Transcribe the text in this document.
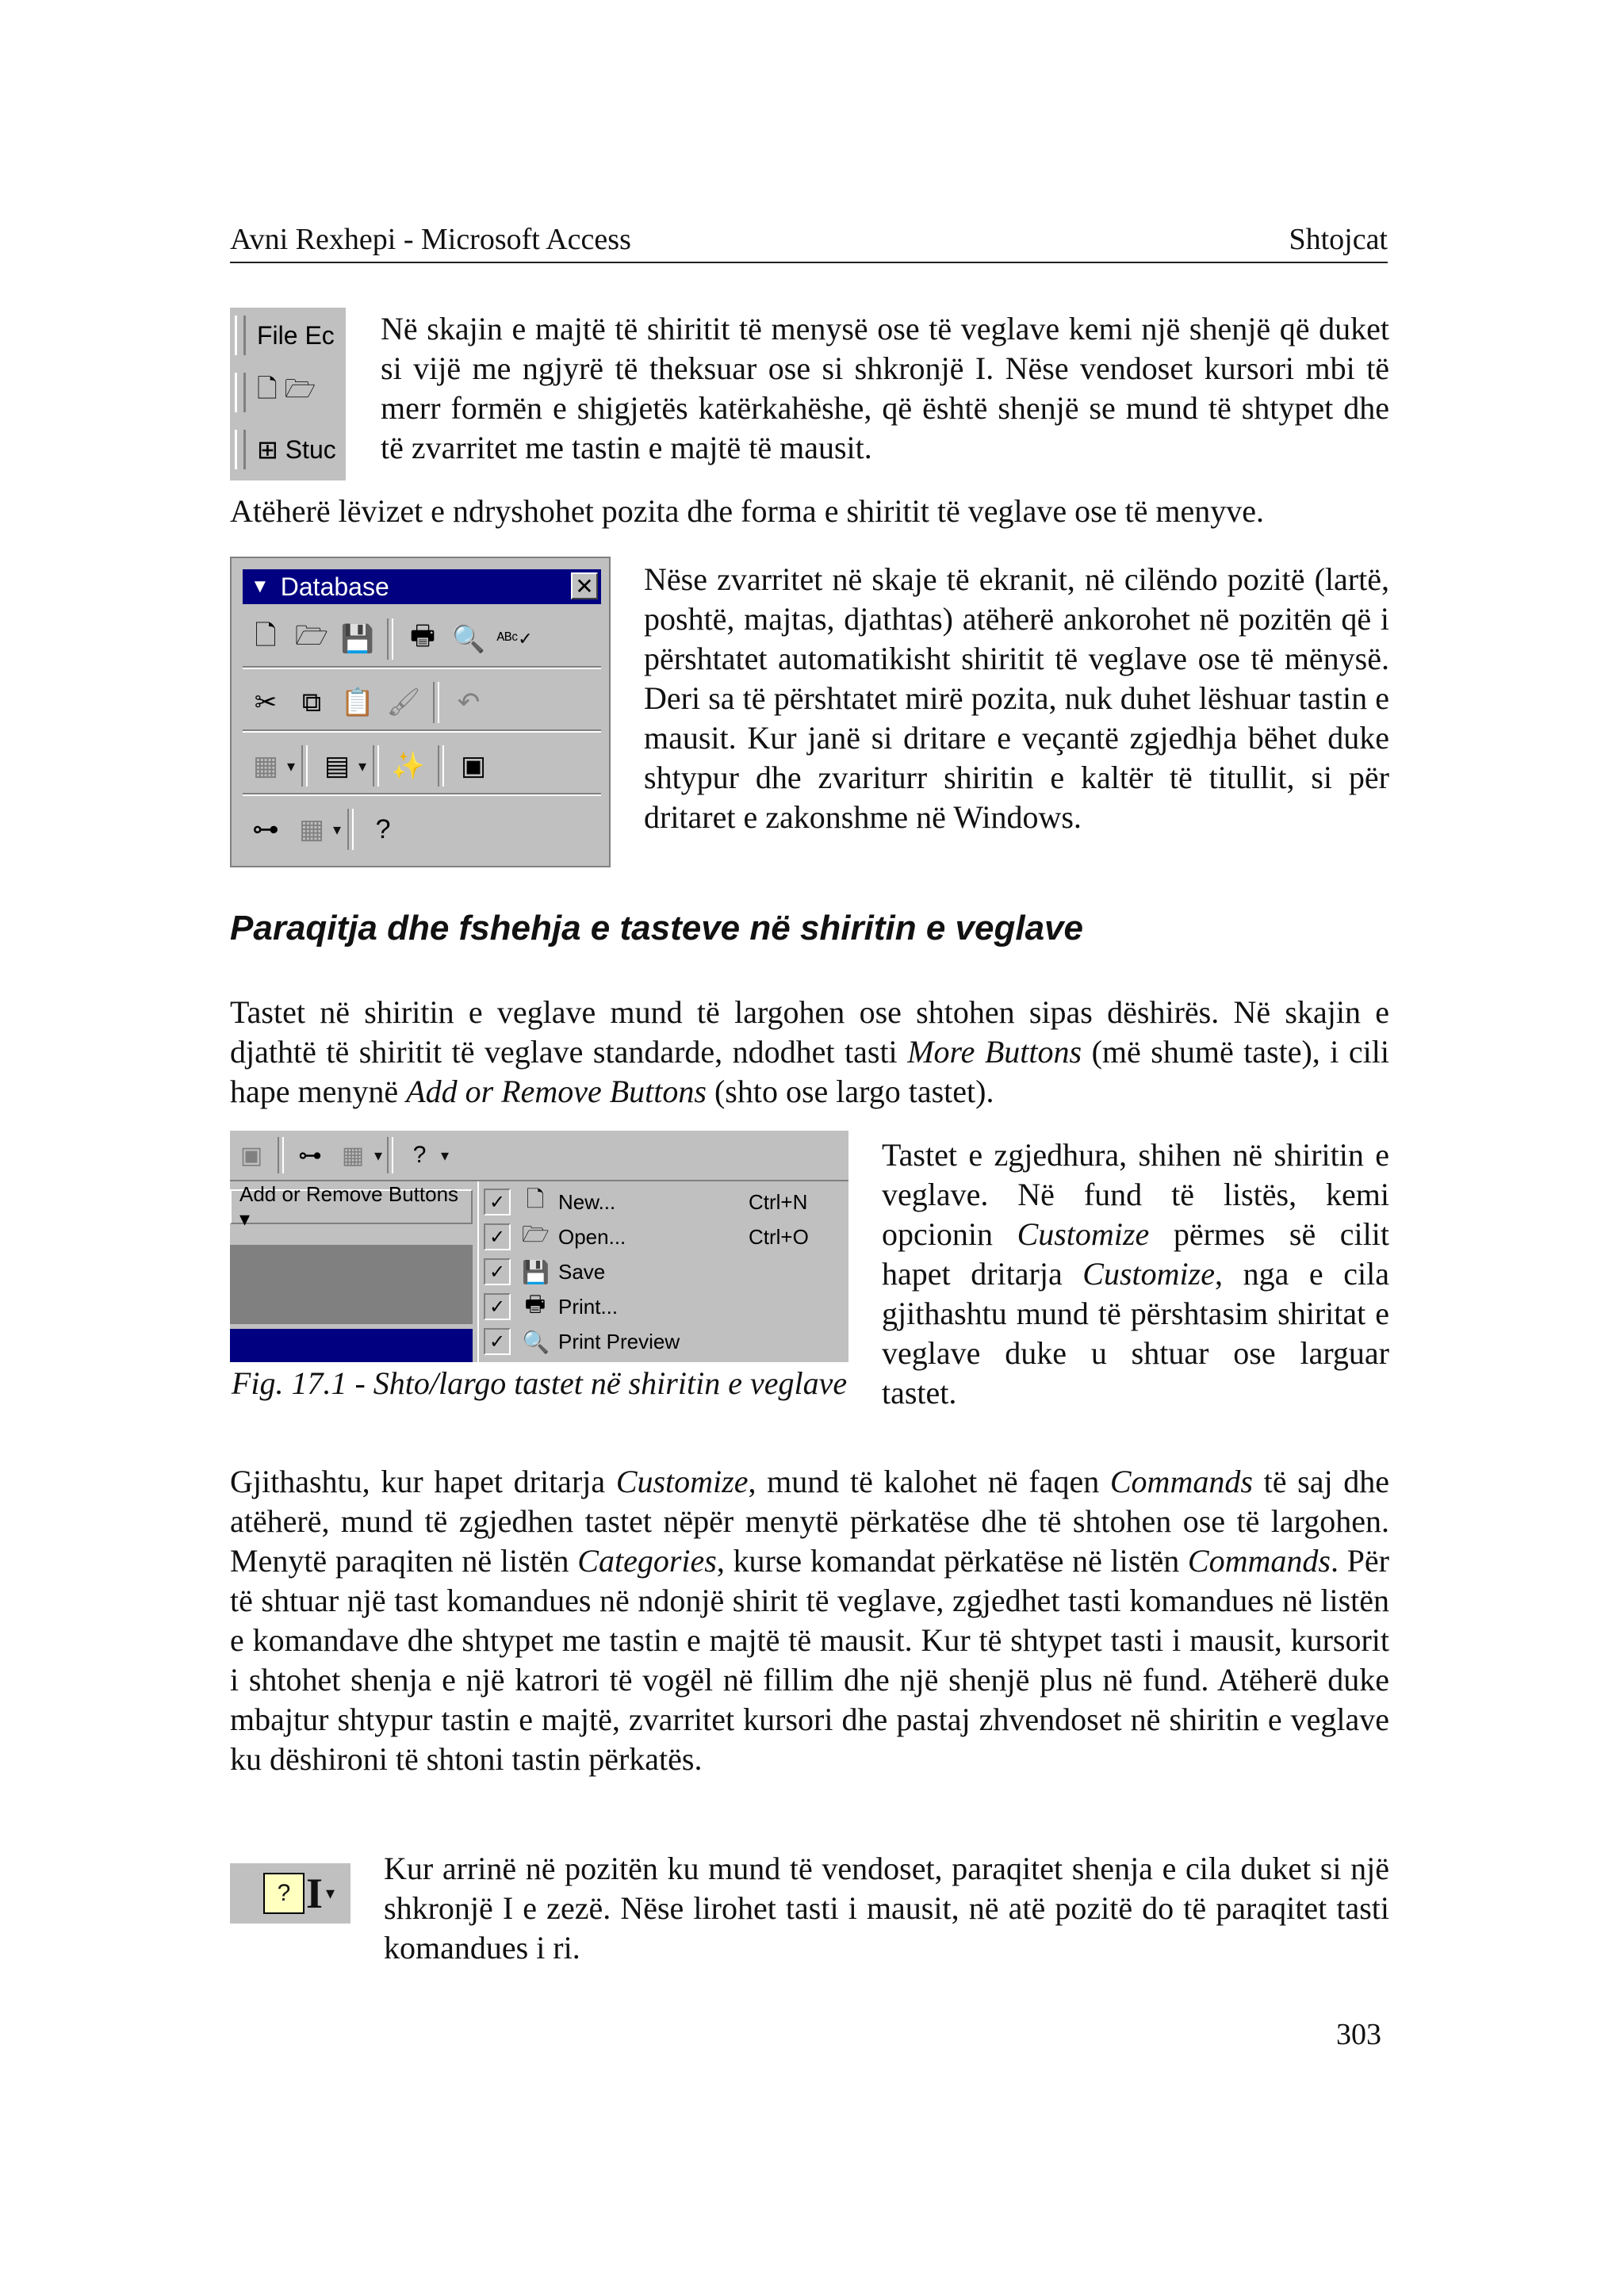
Avni Rexhepi - Microsoft Access	Shtojcat
File Ec
🗋 🗁
⊞ Stuc

Në skajin e majtë të shiritit të menysë ose të veglave kemi një shenjë që duket si vijë me ngjyrë të theksuar ose si shkronjë I. Nëse vendoset kursori mbi të merr formën e shigjetës katërkahëshe, që është shenjë se mund të shtypet dhe të zvarritet me tastin e majtë të mausit.

Atëherë lëvizet e ndryshohet pozita dhe forma e shiritit të veglave ose të menyve.

▼ Database	✕
🗋 🗁 💾 🖶 🔍 ᴬᴮᶜ✓
✂ ⧉ 📋 🖌	↶
▦ ▾ ▤ ▾ ✨ ▣
⊶ ▦ ▾	?

Nëse zvarritet në skaje të ekranit, në cilëndo pozitë (lartë, poshtë, majtas, djathtas) atëherë ankorohet në pozitën që i përshtatet automatikisht shiritit të veglave ose të mënysë. Deri sa të përshtatet mirë pozita, nuk duhet lëshuar tastin e mausit. Kur janë si dritare e veçantë zgjedhja bëhet duke shtypur dhe zvariturr shiritin e kaltër të titullit, si për dritaret e zakonshme në Windows.

Paraqitja dhe fshehja e tasteve në shiritin e veglave

Tastet në shiritin e veglave mund të largohen ose shtohen sipas dëshirës. Në skajin e djathtë të shiritit të veglave standarde, ndodhet tasti More Buttons (më shumë taste), i cili hape menynë Add or Remove Buttons (shto ose largo tastet).

▣ ⊶ ▦ ▾	? ▾
Add or Remove Buttons ▾
✓ 🗋 New...	Ctrl+N
✓ 🗁 Open...	Ctrl+O
✓ 💾 Save
✓ 🖶 Print...
✓ 🔍 Print Preview
Fig. 17.1 - Shto/largo tastet në shiritin e veglave

Tastet e zgjedhura, shihen në shiritin e veglave. Në fund të listës, kemi opcionin Customize përmes së cilit hapet dritarja Customize, nga e cila gjithashtu mund të përshtasim shiritat e veglave duke u shtuar ose larguar tastet.

Gjithashtu, kur hapet dritarja Customize, mund të kalohet në faqen Commands të saj dhe atëherë, mund të zgjedhen tastet nëpër menytë përkatëse dhe të shtohen ose të largohen. Menytë paraqiten në listën Categories, kurse komandat përkatëse në listën Commands. Për të shtuar një tast komandues në ndonjë shirit të veglave, zgjedhet tasti komandues në listën e komandave dhe shtypet me tastin e majtë të mausit. Kur të shtypet tasti i mausit, kursorit i shtohet shenja e një katrori të vogël në fillim dhe një shenjë plus në fund. Atëherë duke mbajtur shtypur tastin e majtë, zvarritet kursori dhe pastaj zhvendoset në shiritin e veglave ku dëshironi të shtoni tastin përkatës.

? I ▾

Kur arrinë në pozitën ku mund të vendoset, paraqitet shenja e cila duket si një shkronjë I e zezë. Nëse lirohet tasti i mausit, në atë pozitë do të paraqitet tasti komandues i ri.

303
